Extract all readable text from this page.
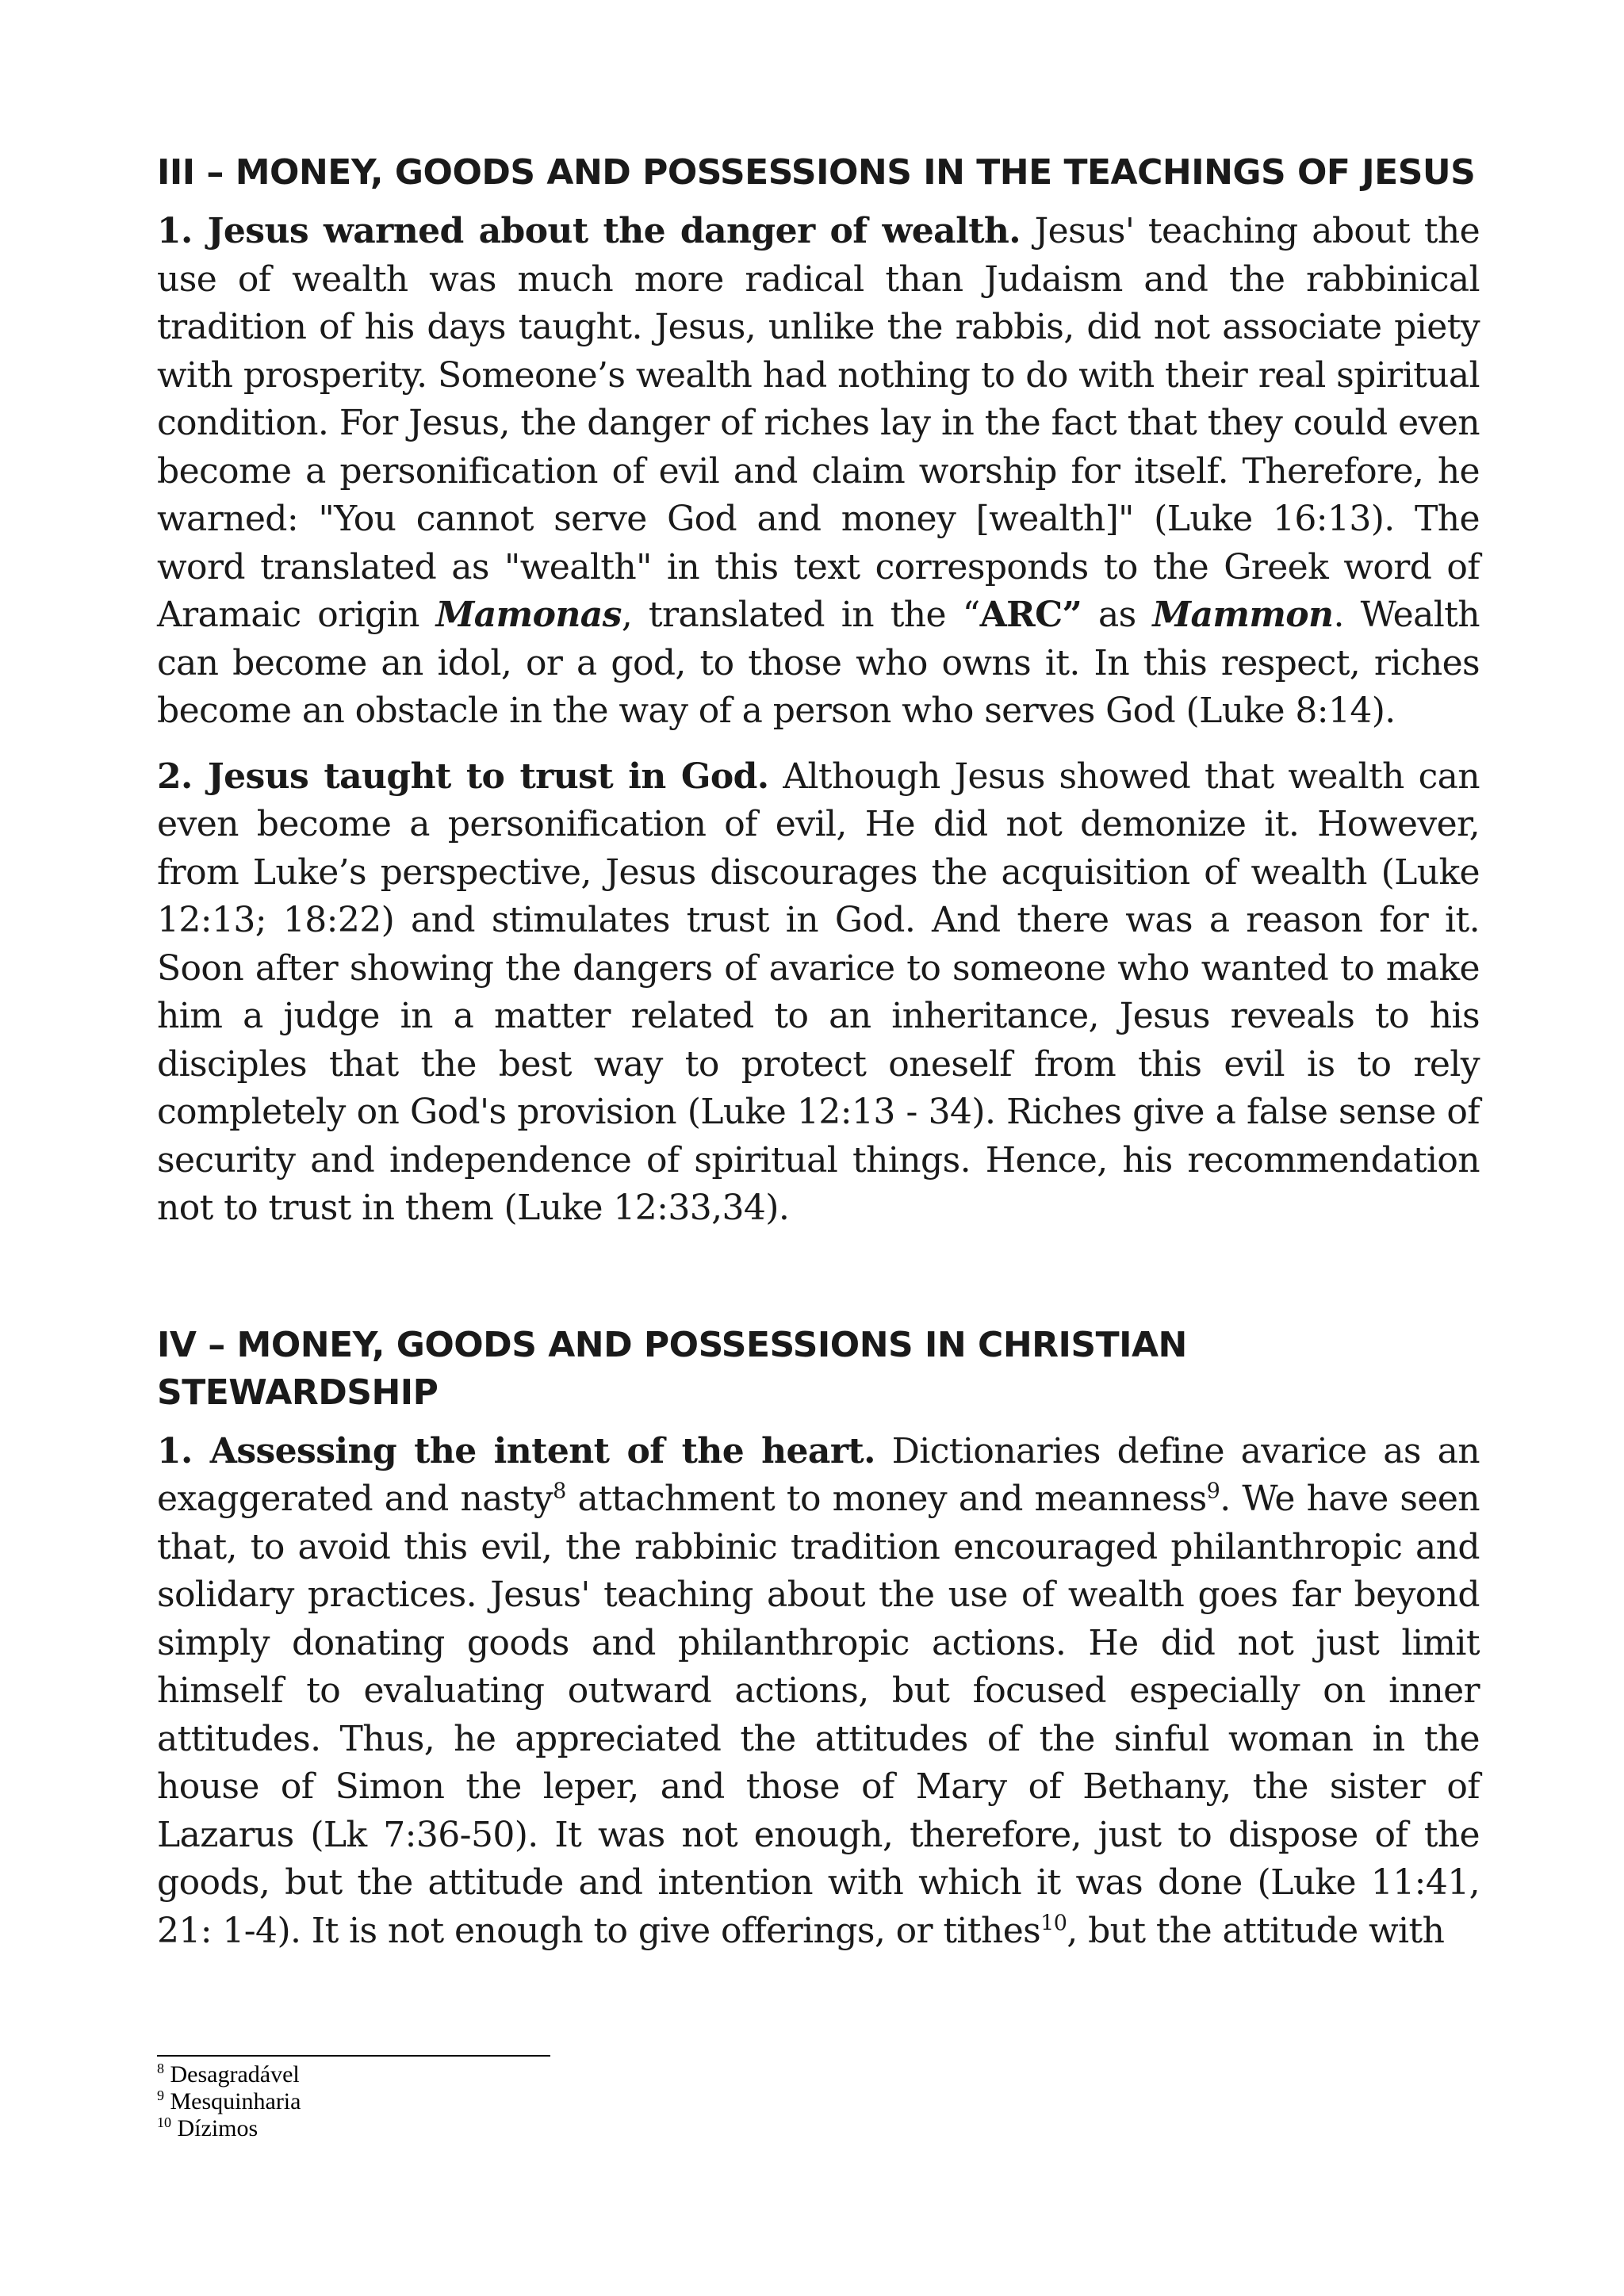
III – MONEY, GOODS AND POSSESSIONS IN THE TEACHINGS OF JESUS

1. Jesus warned about the danger of wealth. Jesus' teaching about the use of wealth was much more radical than Judaism and the rabbinical tradition of his days taught. Jesus, unlike the rabbis, did not associate piety with prosperity. Someone’s wealth had nothing to do with their real spiritual condition. For Jesus, the danger of riches lay in the fact that they could even become a personification of evil and claim worship for itself. Therefore, he warned: "You cannot serve God and money [wealth]" (Luke 16:13). The word translated as "wealth" in this text corresponds to the Greek word of Aramaic origin Mamonas, translated in the “ARC” as Mammon. Wealth can become an idol, or a god, to those who owns it. In this respect, riches become an obstacle in the way of a person who serves God (Luke 8:14).

2. Jesus taught to trust in God. Although Jesus showed that wealth can even become a personification of evil, He did not demonize it. However, from Luke’s perspective, Jesus discourages the acquisition of wealth (Luke 12:13; 18:22) and stimulates trust in God. And there was a reason for it. Soon after showing the dangers of avarice to someone who wanted to make him a judge in a matter related to an inheritance, Jesus reveals to his disciples that the best way to protect oneself from this evil is to rely completely on God's provision (Luke 12:13 - 34). Riches give a false sense of security and independence of spiritual things. Hence, his recommendation not to trust in them (Luke 12:33,34).

IV – MONEY, GOODS AND POSSESSIONS IN CHRISTIAN STEWARDSHIP

1. Assessing the intent of the heart. Dictionaries define avarice as an exaggerated and nasty$^8$ attachment to money and meanness$^9$. We have seen that, to avoid this evil, the rabbinic tradition encouraged philanthropic and solidary practices. Jesus' teaching about the use of wealth goes far beyond simply donating goods and philanthropic actions. He did not just limit himself to evaluating outward actions, but focused especially on inner attitudes. Thus, he appreciated the attitudes of the sinful woman in the house of Simon the leper, and those of Mary of Bethany, the sister of Lazarus (Lk 7:36-50). It was not enough, therefore, just to dispose of the goods, but the attitude and intention with which it was done (Luke 11:41, 21: 1-4). It is not enough to give offerings, or tithes$^{10}$, but the attitude with

$^8$ Desagradável
$^9$ Mesquinharia
$^{10}$ Dízimos
